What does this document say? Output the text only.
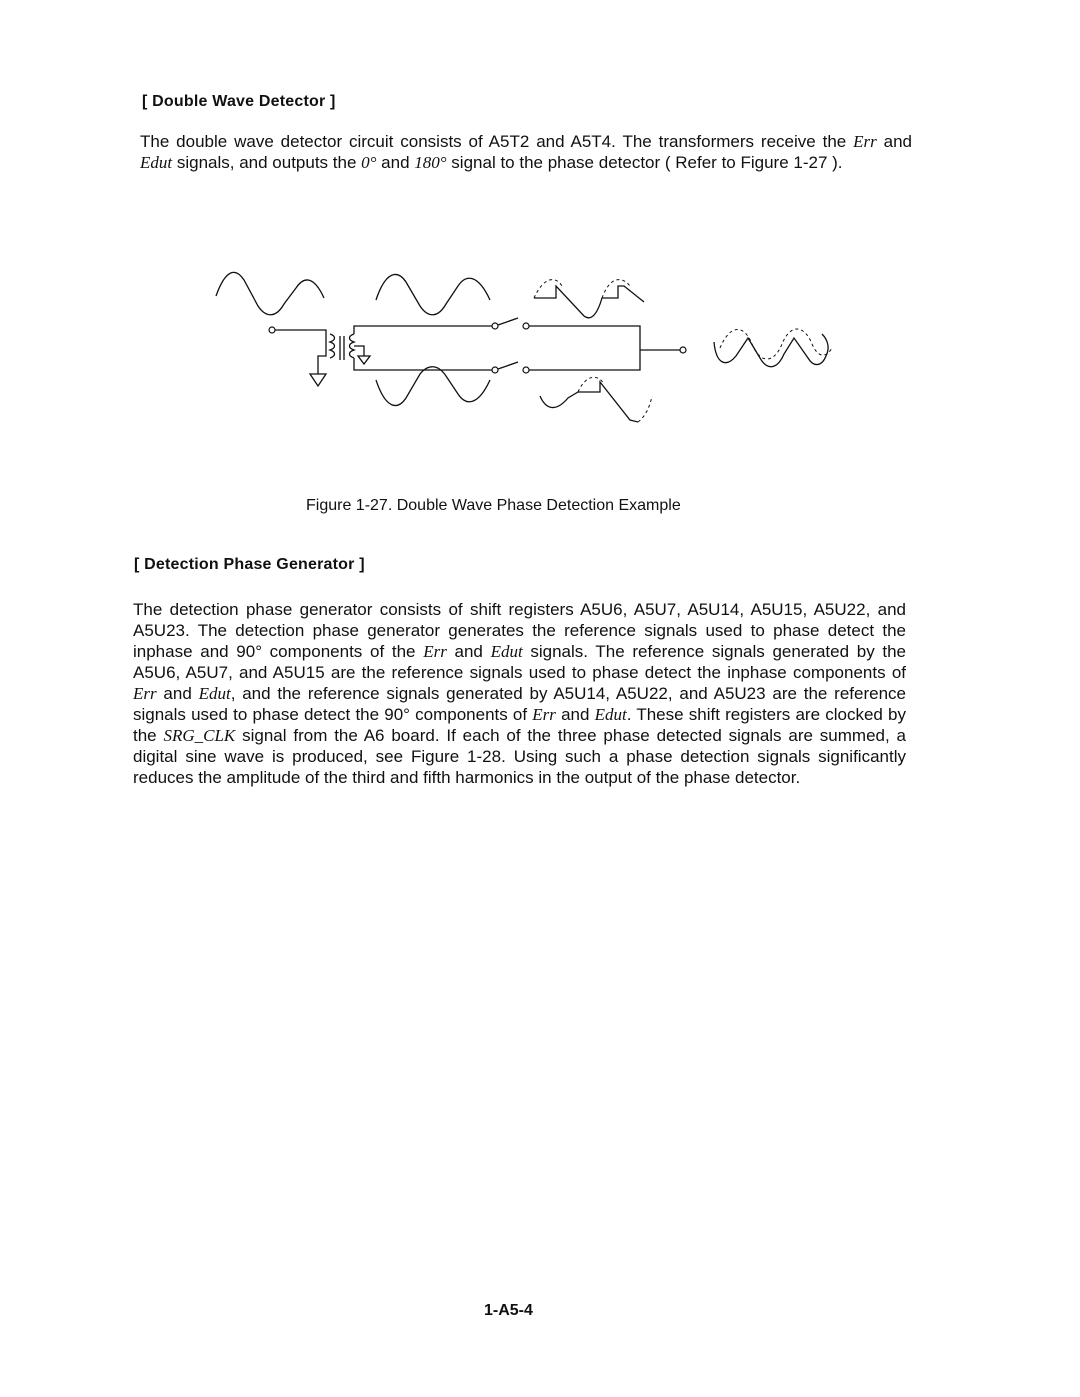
[ Double Wave Detector ]

The double wave detector circuit consists of A5T2 and A5T4. The transformers receive the Err and Edut signals, and outputs the 0° and 180° signal to the phase detector ( Refer to Figure 1-27 ).

Figure 1-27. Double Wave Phase Detection Example
[ Detection Phase Generator ]

The detection phase generator consists of shift registers A5U6, A5U7, A5U14, A5U15, A5U22, and A5U23. The detection phase generator generates the reference signals used to phase detect the inphase and 90° components of the Err and Edut signals. The reference signals generated by the A5U6, A5U7, and A5U15 are the reference signals used to phase detect the inphase components of Err and Edut, and the reference signals generated by A5U14, A5U22, and A5U23 are the reference signals used to phase detect the 90° components of Err and Edut. These shift registers are clocked by the SRG_CLK signal from the A6 board. If each of the three phase detected signals are summed, a digital sine wave is produced, see Figure 1-28. Using such a phase detection signals significantly reduces the amplitude of the third and fifth harmonics in the output of the phase detector.

1-A5-4
